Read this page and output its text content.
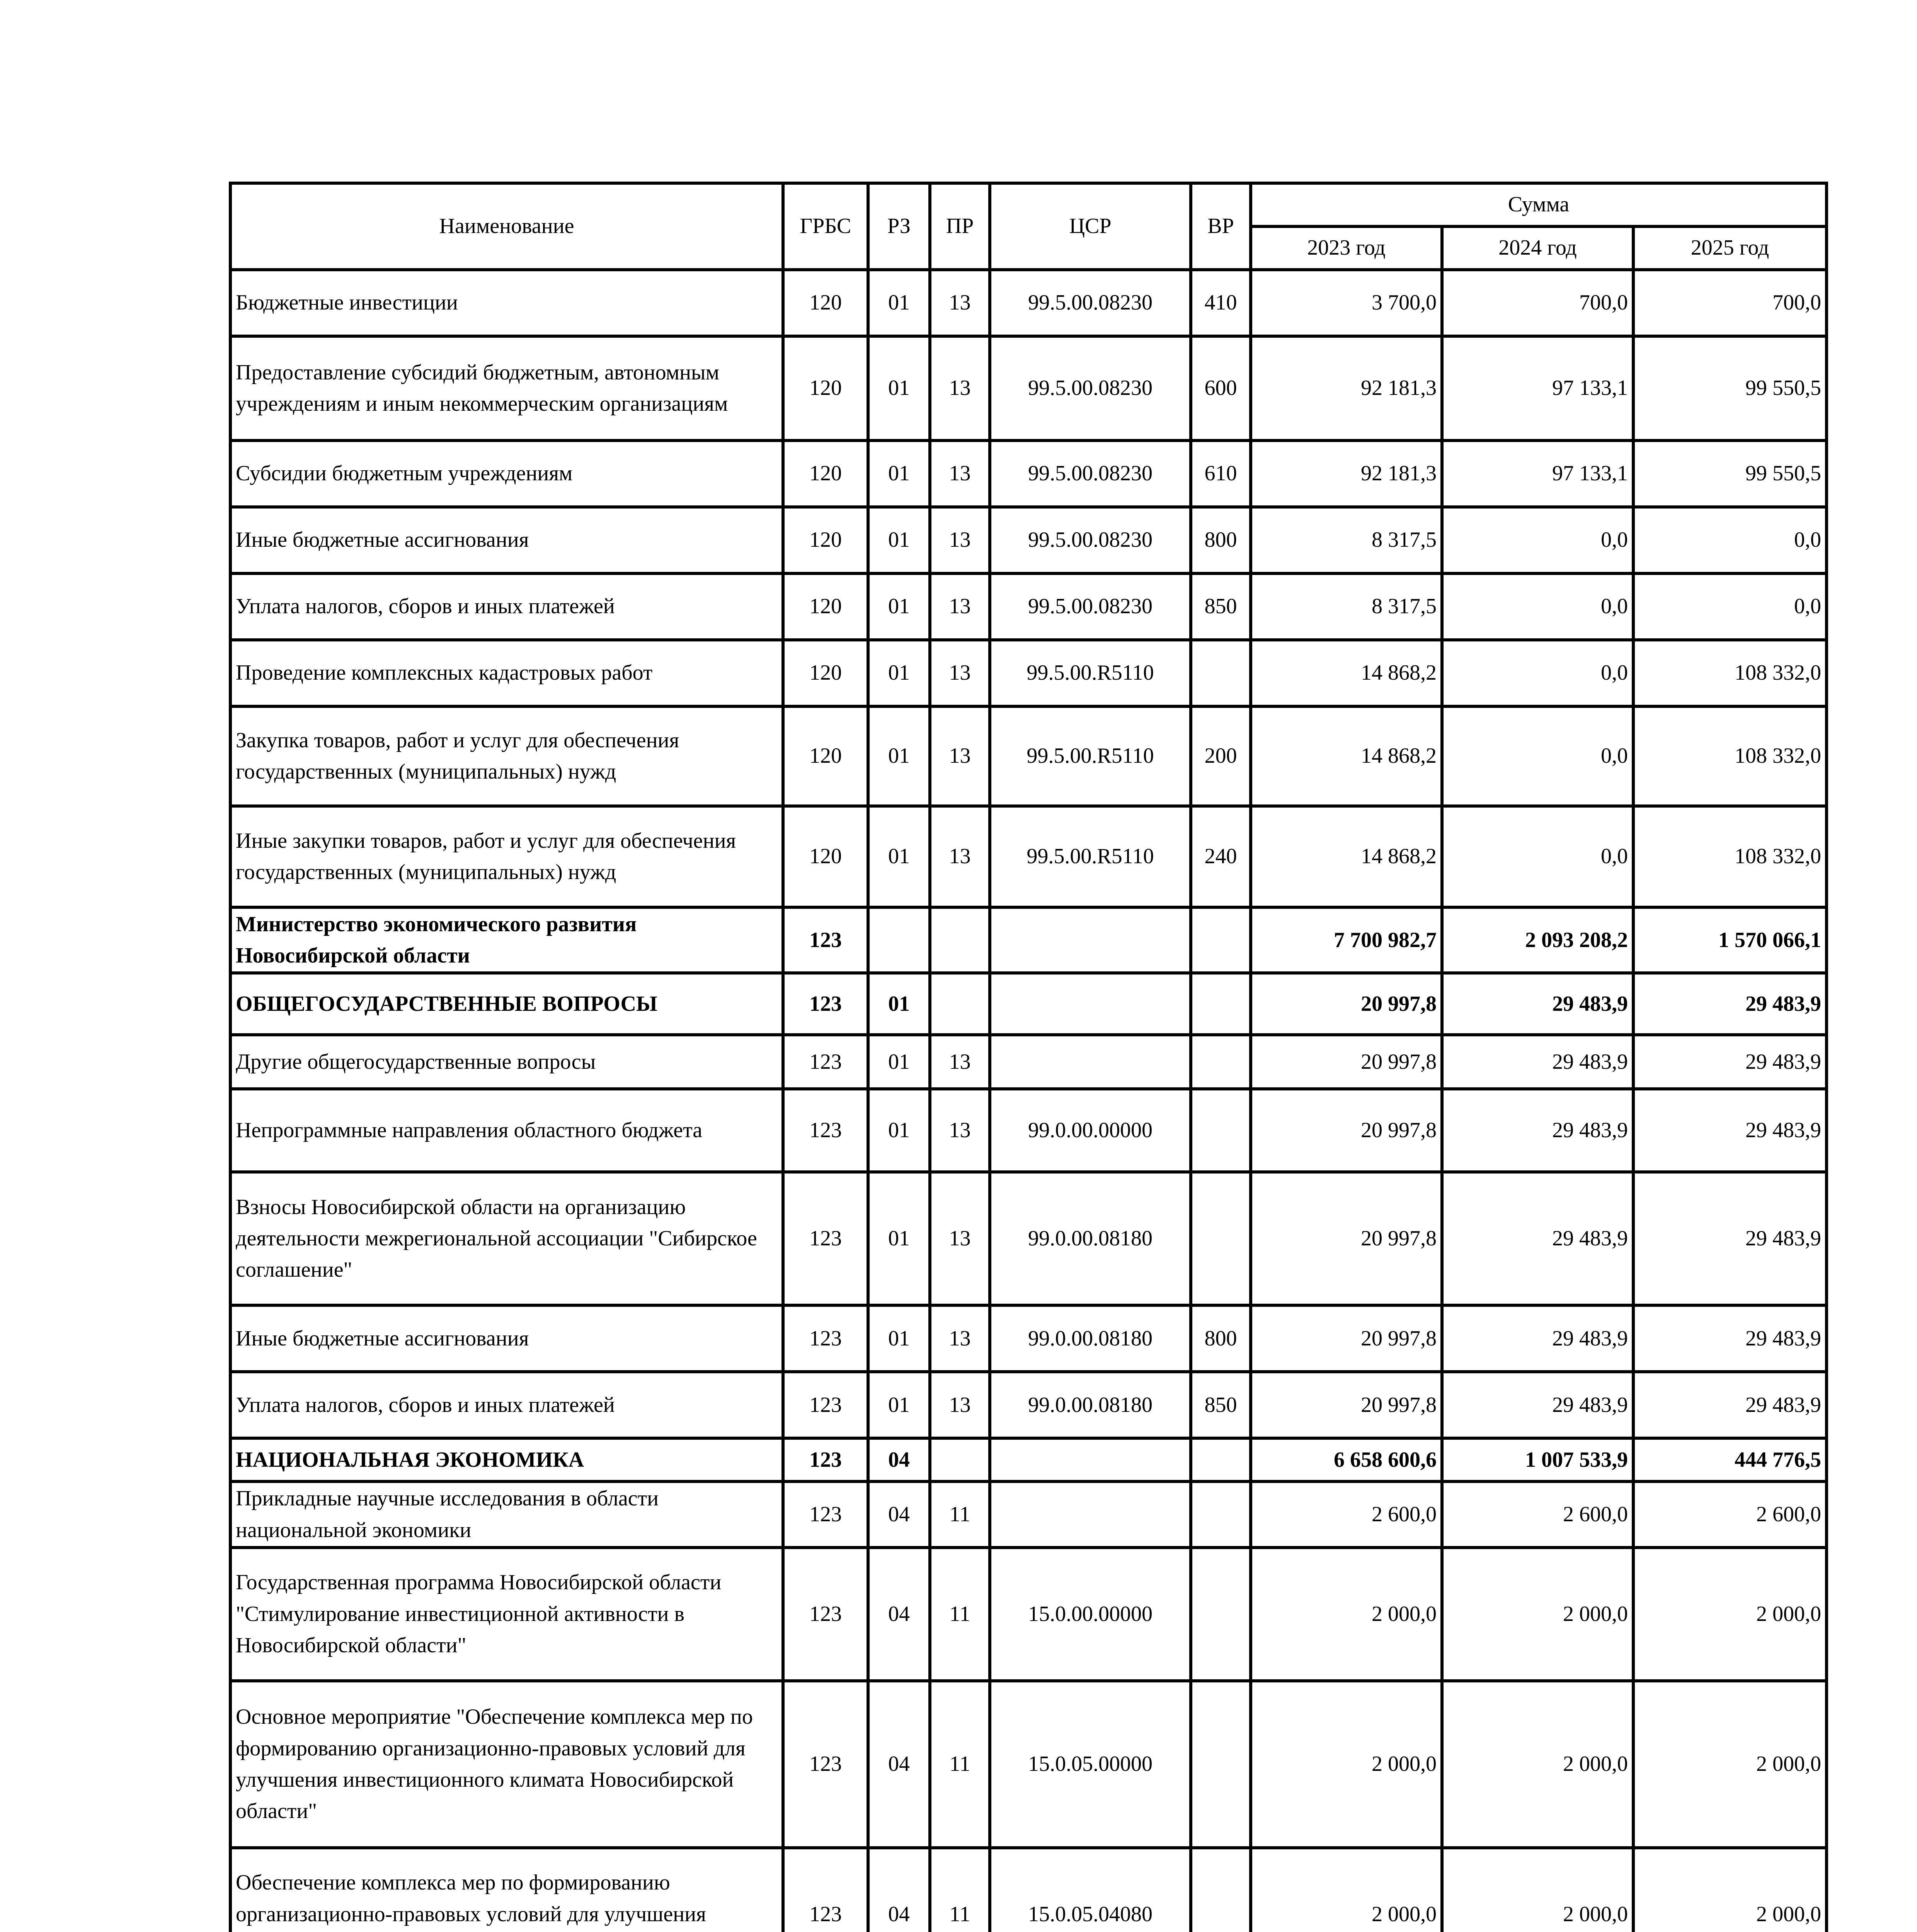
Наименование	ГРБС	РЗ	ПР	ЦСР	ВР	Сумма		
						2023 год	2024 год	2025 год
Бюджетные инвестиции	120	01	13	99.5.00.08230	410	3 700,0	700,0	700,0
Предоставление субсидий бюджетным, автономным учреждениям и иным некоммерческим организациям	120	01	13	99.5.00.08230	600	92 181,3	97 133,1	99 550,5
Субсидии бюджетным учреждениям	120	01	13	99.5.00.08230	610	92 181,3	97 133,1	99 550,5
Иные бюджетные ассигнования	120	01	13	99.5.00.08230	800	8 317,5	0,0	0,0
Уплата налогов, сборов и иных платежей	120	01	13	99.5.00.08230	850	8 317,5	0,0	0,0
Проведение комплексных кадастровых работ	120	01	13	99.5.00.R5110		14 868,2	0,0	108 332,0
Закупка товаров, работ и услуг для обеспечения государственных (муниципальных) нужд	120	01	13	99.5.00.R5110	200	14 868,2	0,0	108 332,0
Иные закупки товаров, работ и услуг для обеспечения государственных (муниципальных) нужд	120	01	13	99.5.00.R5110	240	14 868,2	0,0	108 332,0
Министерство экономического развития Новосибирской области	123					7 700 982,7	2 093 208,2	1 570 066,1
ОБЩЕГОСУДАРСТВЕННЫЕ ВОПРОСЫ	123	01				20 997,8	29 483,9	29 483,9
Другие общегосударственные вопросы	123	01	13			20 997,8	29 483,9	29 483,9
Непрограммные направления областного бюджета	123	01	13	99.0.00.00000		20 997,8	29 483,9	29 483,9
Взносы Новосибирской области на организацию деятельности межрегиональной ассоциации "Сибирское соглашение"	123	01	13	99.0.00.08180		20 997,8	29 483,9	29 483,9
Иные бюджетные ассигнования	123	01	13	99.0.00.08180	800	20 997,8	29 483,9	29 483,9
Уплата налогов, сборов и иных платежей	123	01	13	99.0.00.08180	850	20 997,8	29 483,9	29 483,9
НАЦИОНАЛЬНАЯ ЭКОНОМИКА	123	04				6 658 600,6	1 007 533,9	444 776,5
Прикладные научные исследования в области национальной экономики	123	04	11			2 600,0	2 600,0	2 600,0
Государственная программа Новосибирской области "Стимулирование инвестиционной активности в Новосибирской области"	123	04	11	15.0.00.00000		2 000,0	2 000,0	2 000,0
Основное мероприятие "Обеспечение комплекса мер по формированию организационно-правовых условий для улучшения инвестиционного климата Новосибирской области"	123	04	11	15.0.05.00000		2 000,0	2 000,0	2 000,0
Обеспечение комплекса мер по формированию организационно-правовых условий для улучшения	123	04	11	15.0.05.04080		2 000,0	2 000,0	2 000,0
